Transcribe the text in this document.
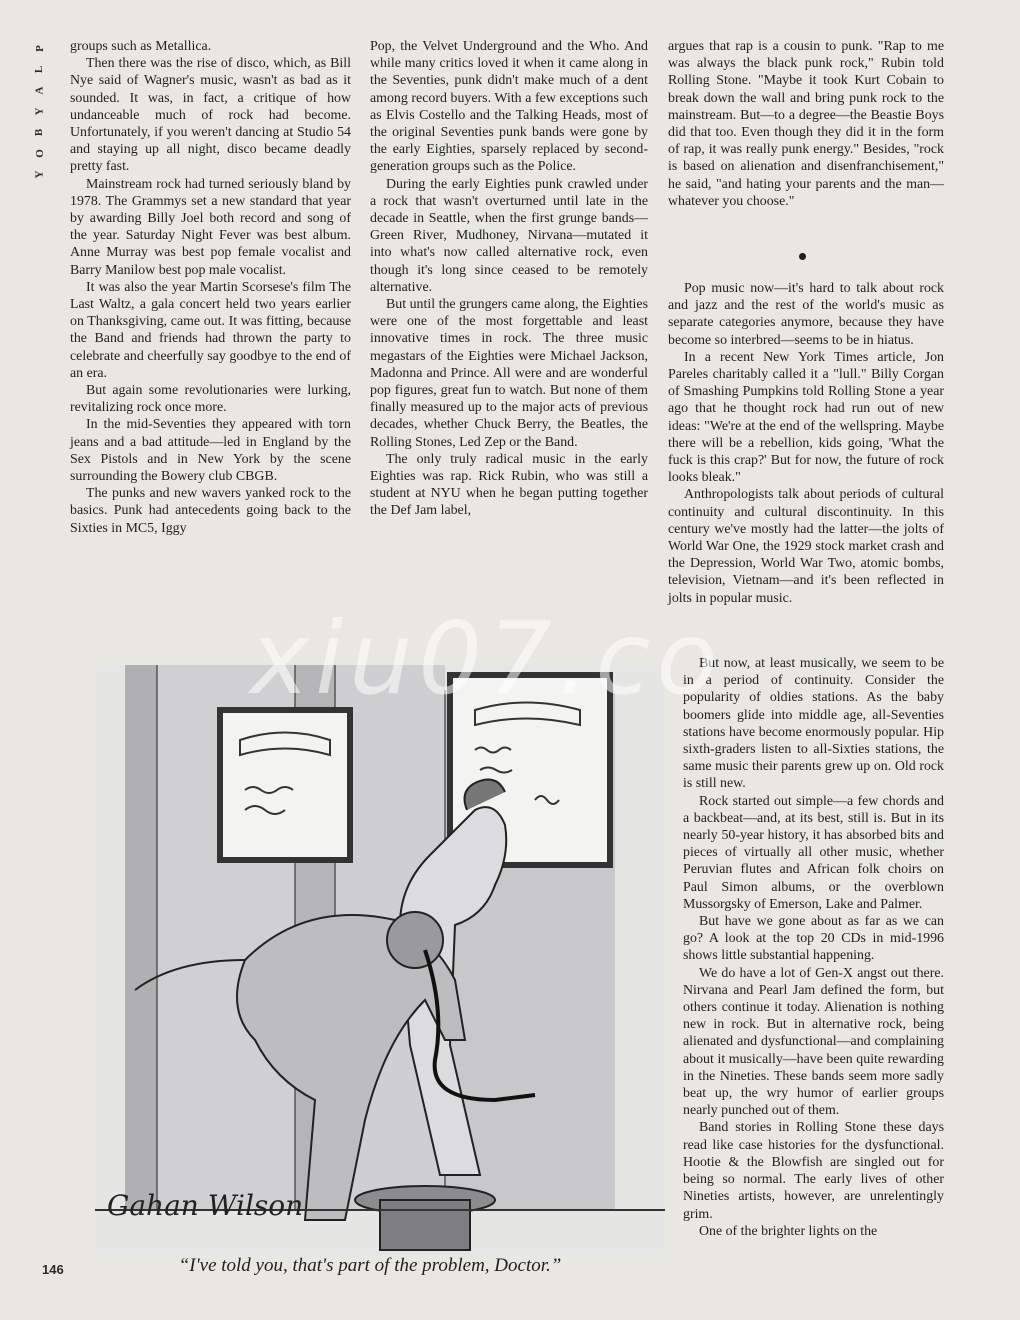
P
L
A
Y
B
O
Y

groups such as Metallica.

Then there was the rise of disco, which, as Bill Nye said of Wagner's music, wasn't as bad as it sounded. It was, in fact, a critique of how undanceable much of rock had become. Unfortunately, if you weren't dancing at Studio 54 and staying up all night, disco became deadly pretty fast.

Mainstream rock had turned seriously bland by 1978. The Grammys set a new standard that year by awarding Billy Joel both record and song of the year. Saturday Night Fever was best album. Anne Murray was best pop female vocalist and Barry Manilow best pop male vocalist.

It was also the year Martin Scorsese's film The Last Waltz, a gala concert held two years earlier on Thanksgiving, came out. It was fitting, because the Band and friends had thrown the party to celebrate and cheerfully say goodbye to the end of an era.

But again some revolutionaries were lurking, revitalizing rock once more.

In the mid-Seventies they appeared with torn jeans and a bad attitude—led in England by the Sex Pistols and in New York by the scene surrounding the Bowery club CBGB.

The punks and new wavers yanked rock to the basics. Punk had antecedents going back to the Sixties in MC5, Iggy

Pop, the Velvet Underground and the Who. And while many critics loved it when it came along in the Seventies, punk didn't make much of a dent among record buyers. With a few exceptions such as Elvis Costello and the Talking Heads, most of the original Seventies punk bands were gone by the early Eighties, sparsely replaced by second-generation groups such as the Police.

During the early Eighties punk crawled under a rock that wasn't overturned until late in the decade in Seattle, when the first grunge bands—Green River, Mudhoney, Nirvana—mutated it into what's now called alternative rock, even though it's long since ceased to be remotely alternative.

But until the grungers came along, the Eighties were one of the most forgettable and least innovative times in rock. The three music megastars of the Eighties were Michael Jackson, Madonna and Prince. All were and are wonderful pop figures, great fun to watch. But none of them finally measured up to the major acts of previous decades, whether Chuck Berry, the Beatles, the Rolling Stones, Led Zep or the Band.

The only truly radical music in the early Eighties was rap. Rick Rubin, who was still a student at NYU when he began putting together the Def Jam label,

argues that rap is a cousin to punk. "Rap to me was always the black punk rock," Rubin told Rolling Stone. "Maybe it took Kurt Cobain to break down the wall and bring punk rock to the mainstream. But—to a degree—the Beastie Boys did that too. Even though they did it in the form of rap, it was really punk energy." Besides, "rock is based on alienation and disenfranchisement," he said, "and hating your parents and the man—whatever you choose."

Pop music now—it's hard to talk about rock and jazz and the rest of the world's music as separate categories anymore, because they have become so interbred—seems to be in hiatus.

In a recent New York Times article, Jon Pareles charitably called it a "lull." Billy Corgan of Smashing Pumpkins told Rolling Stone a year ago that he thought rock had run out of new ideas: "We're at the end of the wellspring. Maybe there will be a rebellion, kids going, 'What the fuck is this crap?' But for now, the future of rock looks bleak."

Anthropologists talk about periods of cultural continuity and cultural discontinuity. In this century we've mostly had the latter—the jolts of World War One, the 1929 stock market crash and the Depression, World War Two, atomic bombs, television, Vietnam—and it's been reflected in jolts in popular music.

But now, at least musically, we seem to be in a period of continuity. Consider the popularity of oldies stations. As the baby boomers glide into middle age, all-Seventies stations have become enormously popular. Hip sixth-graders listen to all-Sixties stations, the same music their parents grew up on. Old rock is still new.

Rock started out simple—a few chords and a backbeat—and, at its best, still is. But in its nearly 50-year history, it has absorbed bits and pieces of virtually all other music, whether Peruvian flutes and African folk choirs on Paul Simon albums, or the overblown Mussorgsky of Emerson, Lake and Palmer.

But have we gone about as far as we can go? A look at the top 20 CDs in mid-1996 shows little substantial happening.

We do have a lot of Gen-X angst out there. Nirvana and Pearl Jam defined the form, but others continue it today. Alienation is nothing new in rock. But in alternative rock, being alienated and dysfunctional—and complaining about it musically—have been quite rewarding in the Nineties. These bands seem more sadly beat up, the wry humor of earlier groups nearly punched out of them.

Band stories in Rolling Stone these days read like case histories for the dysfunctional. Hootie & the Blowfish are singled out for being so normal. The early lives of other Nineties artists, however, are unrelentingly grim.

One of the brighter lights on the

Gahan Wilson
“I've told you, that's part of the problem, Doctor.”
146
xiu07.co
